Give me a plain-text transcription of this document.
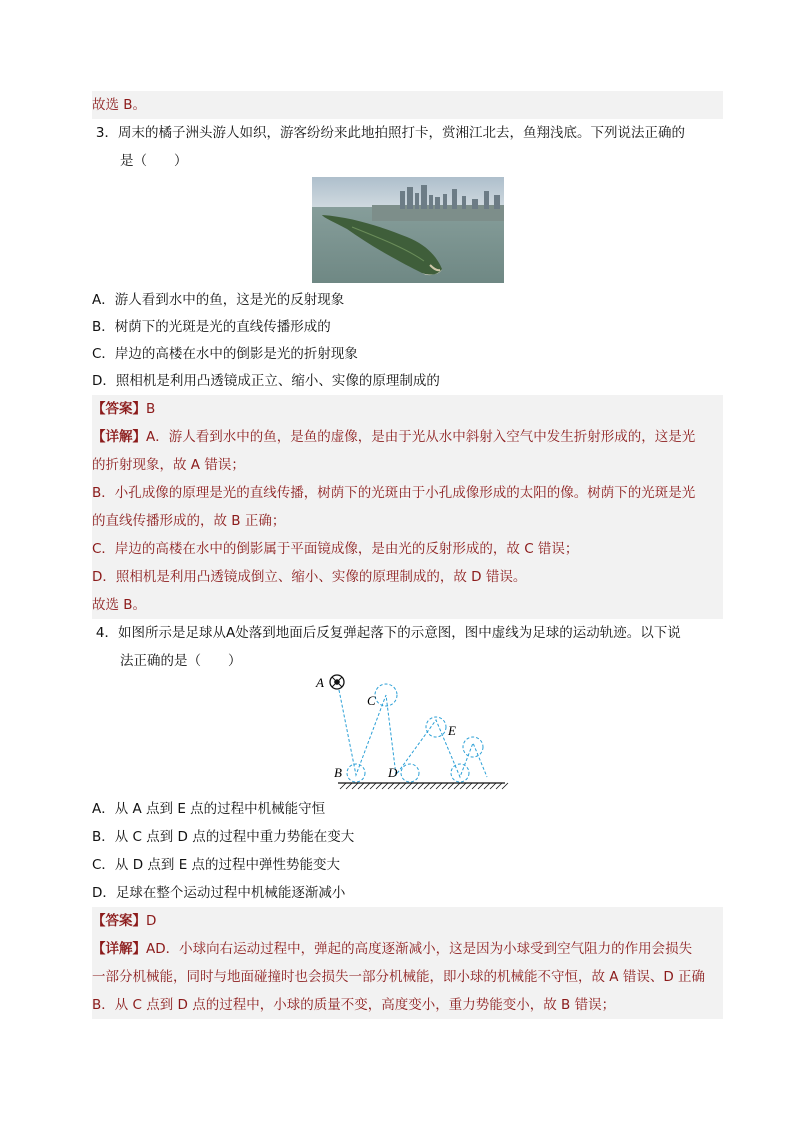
故选 B。
3．周末的橘子洲头游人如织，游客纷纷来此地拍照打卡，赏湘江北去，鱼翔浅底。下列说法正确的
是（　　）
A．游人看到水中的鱼，这是光的反射现象
B．树荫下的光斑是光的直线传播形成的
C．岸边的高楼在水中的倒影是光的折射现象
D．照相机是利用凸透镜成正立、缩小、实像的原理制成的
【答案】B
【详解】A．游人看到水中的鱼，是鱼的虚像，是由于光从水中斜射入空气中发生折射形成的，这是光
的折射现象，故 A 错误；
B．小孔成像的原理是光的直线传播，树荫下的光斑由于小孔成像形成的太阳的像。树荫下的光斑是光
的直线传播形成的，故 B 正确；
C．岸边的高楼在水中的倒影属于平面镜成像，是由光的反射形成的，故 C 错误；
D．照相机是利用凸透镜成倒立、缩小、实像的原理制成的，故 D 错误。
故选 B。
4．如图所示是足球从A处落到地面后反复弹起落下的示意图，图中虚线为足球的运动轨迹。以下说
法正确的是（　　）
A
C
B	D
E
A．从 A 点到 E 点的过程中机械能守恒
B．从 C 点到 D 点的过程中重力势能在变大
C．从 D 点到 E 点的过程中弹性势能变大
D．足球在整个运动过程中机械能逐渐减小
【答案】D
【详解】AD．小球向右运动过程中，弹起的高度逐渐减小，这是因为小球受到空气阻力的作用会损失
一部分机械能，同时与地面碰撞时也会损失一部分机械能，即小球的机械能不守恒，故 A 错误、D 正确
B．从 C 点到 D 点的过程中，小球的质量不变，高度变小，重力势能变小，故 B 错误；
